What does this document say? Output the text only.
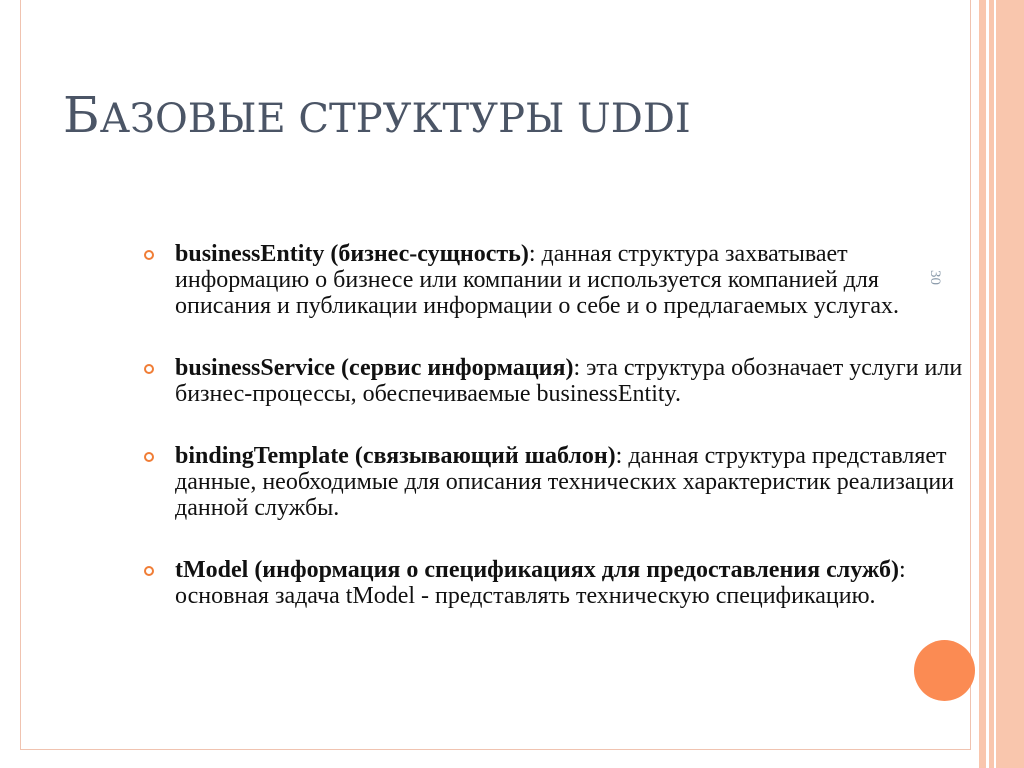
БАЗОВЫЕ СТРУКТУРЫ UDDI
30
businessEntity (бизнес-сущность): данная структура захватывает информацию о бизнесе или компании и используется компанией для описания и публикации информации о себе и о предлагаемых услугах.
businessService (сервис информация): эта структура обозначает услуги или бизнес-процессы, обеспечиваемые businessEntity.
bindingTemplate (связывающий шаблон): данная структура представляет данные, необходимые для описания технических характеристик реализации данной службы.
tModel (информация о спецификациях для предоставления служб): основная задача tModel - представлять техническую спецификацию.
